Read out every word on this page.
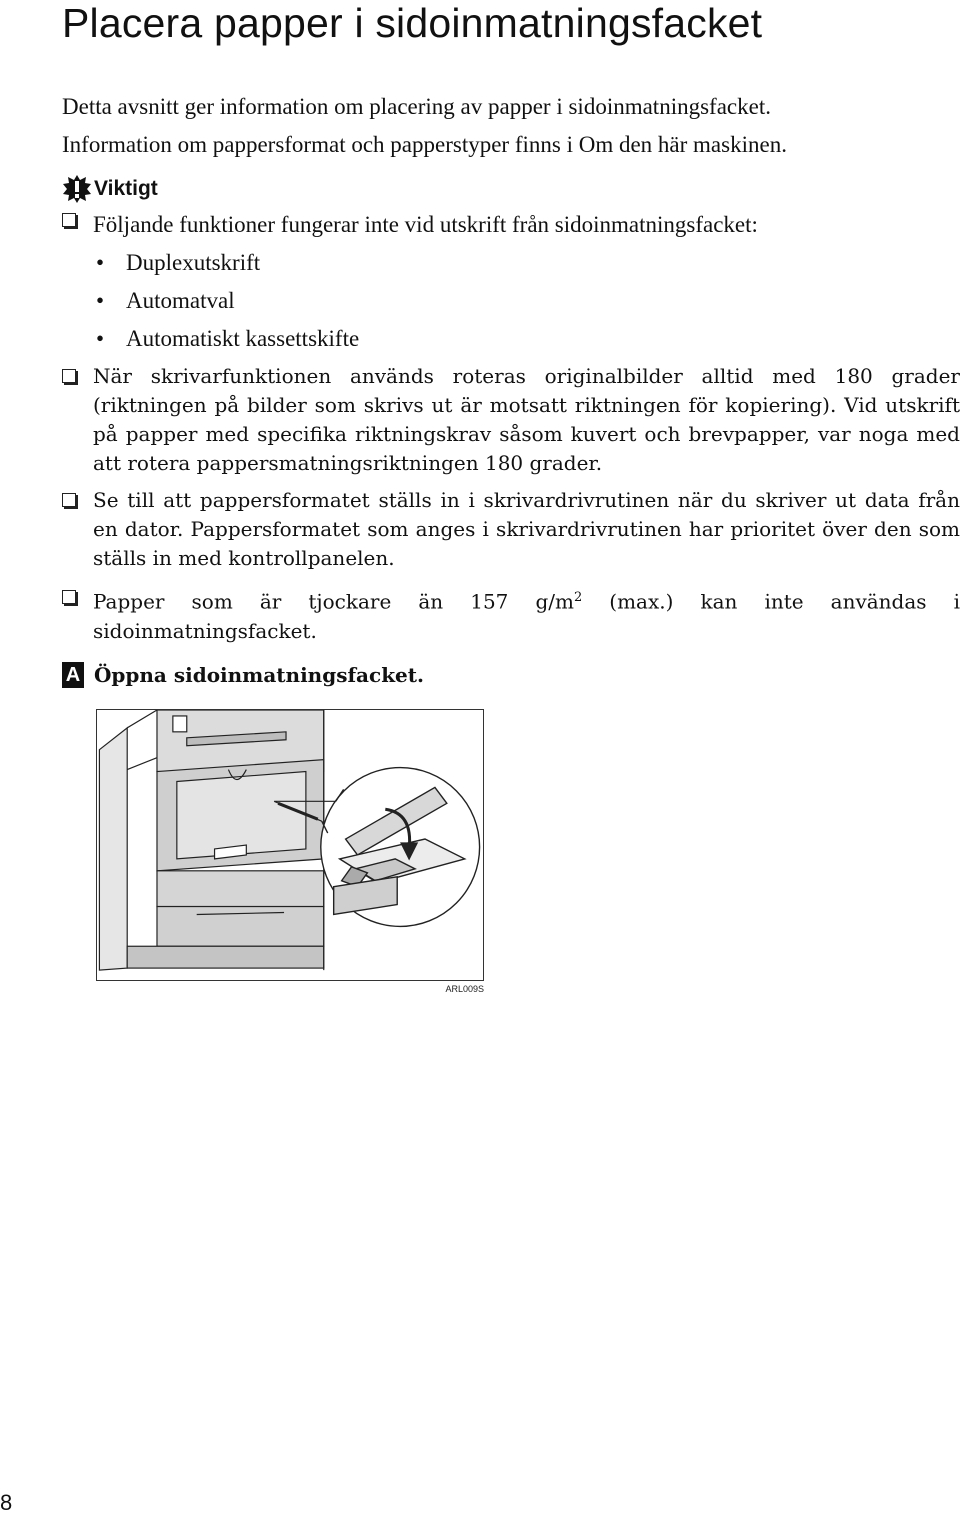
Placera papper i sidoinmatningsfacket

Detta avsnitt ger information om placering av papper i sidoinmatningsfacket.

Information om pappersformat och papperstyper finns i Om den här maskinen.

Viktigt
Följande funktioner fungerar inte vid utskrift från sidoinmatningsfacket:
• Duplexutskrift
• Automatval
• Automatiskt kassettskifte
När skrivarfunktionen används roteras originalbilder alltid med 180 grader (riktningen på bilder som skrivs ut är motsatt riktningen för kopiering). Vid utskrift på papper med specifika riktningskrav såsom kuvert och brevpapper, var noga med att rotera pappersmatningsriktningen 180 grader.
Se till att pappersformatet ställs in i skrivardrivrutinen när du skriver ut data från en dator. Pappersformatet som anges i skrivardrivrutinen har prioritet över den som ställs in med kontrollpanelen.
Papper som är tjockare än 157 $g/m^2$ (max.) kan inte användas i sidoinmatningsfacket.
A Öppna sidoinmatningsfacket.
ARL009S
8
